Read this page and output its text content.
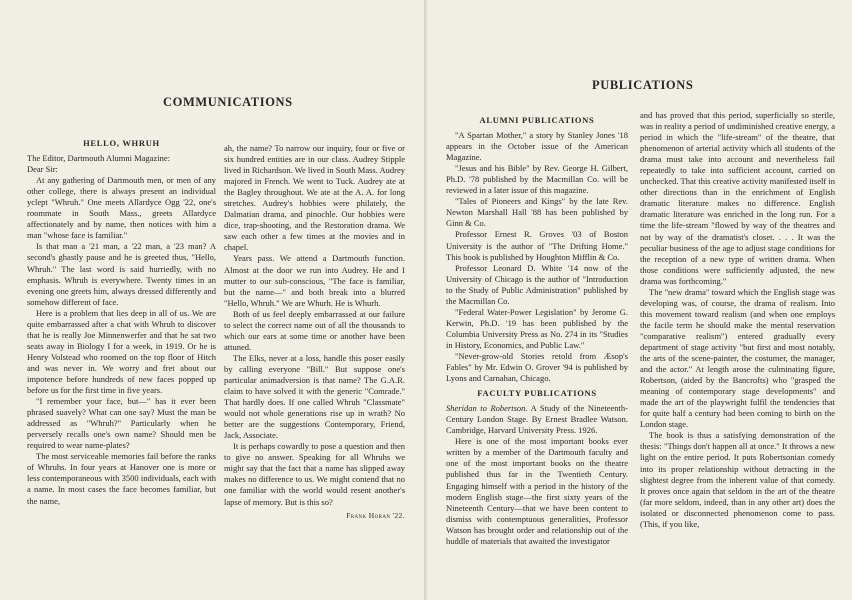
COMMUNICATIONS
HELLO, WHRUH

The Editor, Dartmouth Alumni Magazine:

Dear Sir:

At any gathering of Dartmouth men, or men of any other college, there is always present an individual yclept "Whruh." One meets Allardyce Ogg '22, one's roommate in South Mass., greets Allardyce affectionately and by name, then notices with him a man "whose face is familiar."

Is that man a '21 man, a '22 man, a '23 man? A second's ghastly pause and he is greeted thus, "Hello, Whruh." The last word is said hurriedly, with no emphasis. Whruh is everywhere. Twenty times in an evening one greets him, always dressed differently and somehow different of face.

Here is a problem that lies deep in all of us. We are quite embarrassed after a chat with Whruh to discover that he is really Joe Minnenwerfer and that he sat two seats away in Biology I for a week, in 1919. Or he is Henry Volstead who roomed on the top floor of Hitch and was never in. We worry and fret about our impotence before hundreds of new faces popped up before us for the first time in five years.

"I remember your face, but—" has it ever been phrased suavely? What can one say? Must the man be addressed as "Whruh?" Particularly when he perversely recalls one's own name? Should men be required to wear name-plates?

The most serviceable memories fail before the ranks of Whruhs. In four years at Hanover one is more or less contemporaneous with 3500 individuals, each with a name. In most cases the face becomes familiar, but the name,

ah, the name? To narrow our inquiry, four or five or six hundred entities are in our class. Audrey Stipple lived in Richardson. We lived in South Mass. Audrey majored in French. We went to Tuck. Audrey ate at the Bagley throughout. We ate at the A. A. for long stretches. Audrey's hobbies were philately, the Dalmatian drama, and pinochle. Our hobbies were dice, trap-shooting, and the Restoration drama. We saw each other a few times at the movies and in chapel.

Years pass. We attend a Dartmouth function. Almost at the door we run into Audrey. He and I mutter to our sub-conscious, "The face is familiar, but the name—" and both break into a blurred "Hello, Whruh." We are Whurh. He is Whurh.

Both of us feel deeply embarrassed at our failure to select the correct name out of all the thousands to which our ears at some time or another have been attuned.

The Elks, never at a loss, handle this poser easily by calling everyone "Bill." But suppose one's particular animadversion is that name? The G.A.R. claim to have solved it with the generic "Comrade." That hardly does. If one called Whruh "Classmate" would not whole generations rise up in wrath? No better are the suggestions Contemporary, Friend, Jack, Associate.

It is perhaps cowardly to pose a question and then to give no answer. Speaking for all Whruhs we might say that the fact that a name has slipped away makes no difference to us. We might contend that no one familiar with the world would resent another's lapse of memory. But is this so?

Frank Horan '22.
PUBLICATIONS
ALUMNI PUBLICATIONS

"A Spartan Mother," a story by Stanley Jones '18 appears in the October issue of the American Magazine.

"Jesus and his Bible" by Rev. George H. Gilbert, Ph.D. '78 published by the Macmillan Co. will be reviewed in a later issue of this magazine.

"Tales of Pioneers and Kings" by the late Rev. Newton Marshall Hall '88 has been published by Ginn & Co.

Professor Ernest R. Groves '03 of Boston University is the author of "The Drifting Home." This book is published by Houghton Mifflin & Co.

Professor Leonard D. White '14 now of the University of Chicago is the author of "Introduction to the Study of Public Administration" published by the Macmillan Co.

"Federal Water-Power Legislation" by Jerome G. Kerwin, Ph.D. '19 has been published by the Columbia University Press as No. 274 in its "Studies in History, Economics, and Public Law."

"Never-grow-old Stories retold from Æsop's Fables" by Mr. Edwin O. Grover '94 is published by Lyons and Carnahan, Chicago.

FACULTY PUBLICATIONS

Sheridan to Robertson. A Study of the Nineteenth-Century London Stage. By Ernest Bradlee Watson. Cambridge, Harvard University Press. 1926.

Here is one of the most important books ever written by a member of the Dartmouth faculty and one of the most important books on the theatre published thus far in the Twentieth Century. Engaging himself with a period in the history of the modern English stage—the first sixty years of the Nineteenth Century—that we have been content to dismiss with contemptuous generalities, Professor Watson has brought order and relationship out of the huddle of materials that awaited the investigator

and has proved that this period, superficially so sterile, was in reality a period of undiminished creative energy, a period in which the "life-stream" of the theatre, that phenomenon of arterial activity which all students of the drama must take into account and nevertheless fail repeatedly to take into sufficient account, carried on unchecked. That this creative activity manifested itself in other directions than in the enrichment of English dramatic literature makes no difference. English dramatic literature was enriched in the long run. For a time the life-stream "flowed by way of the theatres and not by way of the dramatist's closet. . . . It was the peculiar business of the age to adjust stage conditions for the reception of a new type of written drama. When those conditions were sufficiently adjusted, the new drama was forthcoming."

The "new drama" toward which the English stage was developing was, of course, the drama of realism. Into this movement toward realism (and when one employs the facile term he should make the mental reservation "comparative realism") entered gradually every department of stage activity "but first and most notably, the arts of the scene-painter, the costumer, the manager, and the actor." At length arose the culminating figure, Robertson, (aided by the Bancrofts) who "grasped the meaning of contemporary stage developments" and made the art of the playwright fulfil the tendencies that for quite half a century had been coming to birth on the London stage.

The book is thus a satisfying demonstration of the thesis: "Things don't happen all at once." It throws a new light on the entire period. It puts Robertsonian comedy into its proper relationship without detracting in the slightest degree from the inherent value of that comedy. It proves once again that seldom in the art of the theatre (far more seldom, indeed, than in any other art) does the isolated or disconnected phenomenon come to pass. (This, if you like,
